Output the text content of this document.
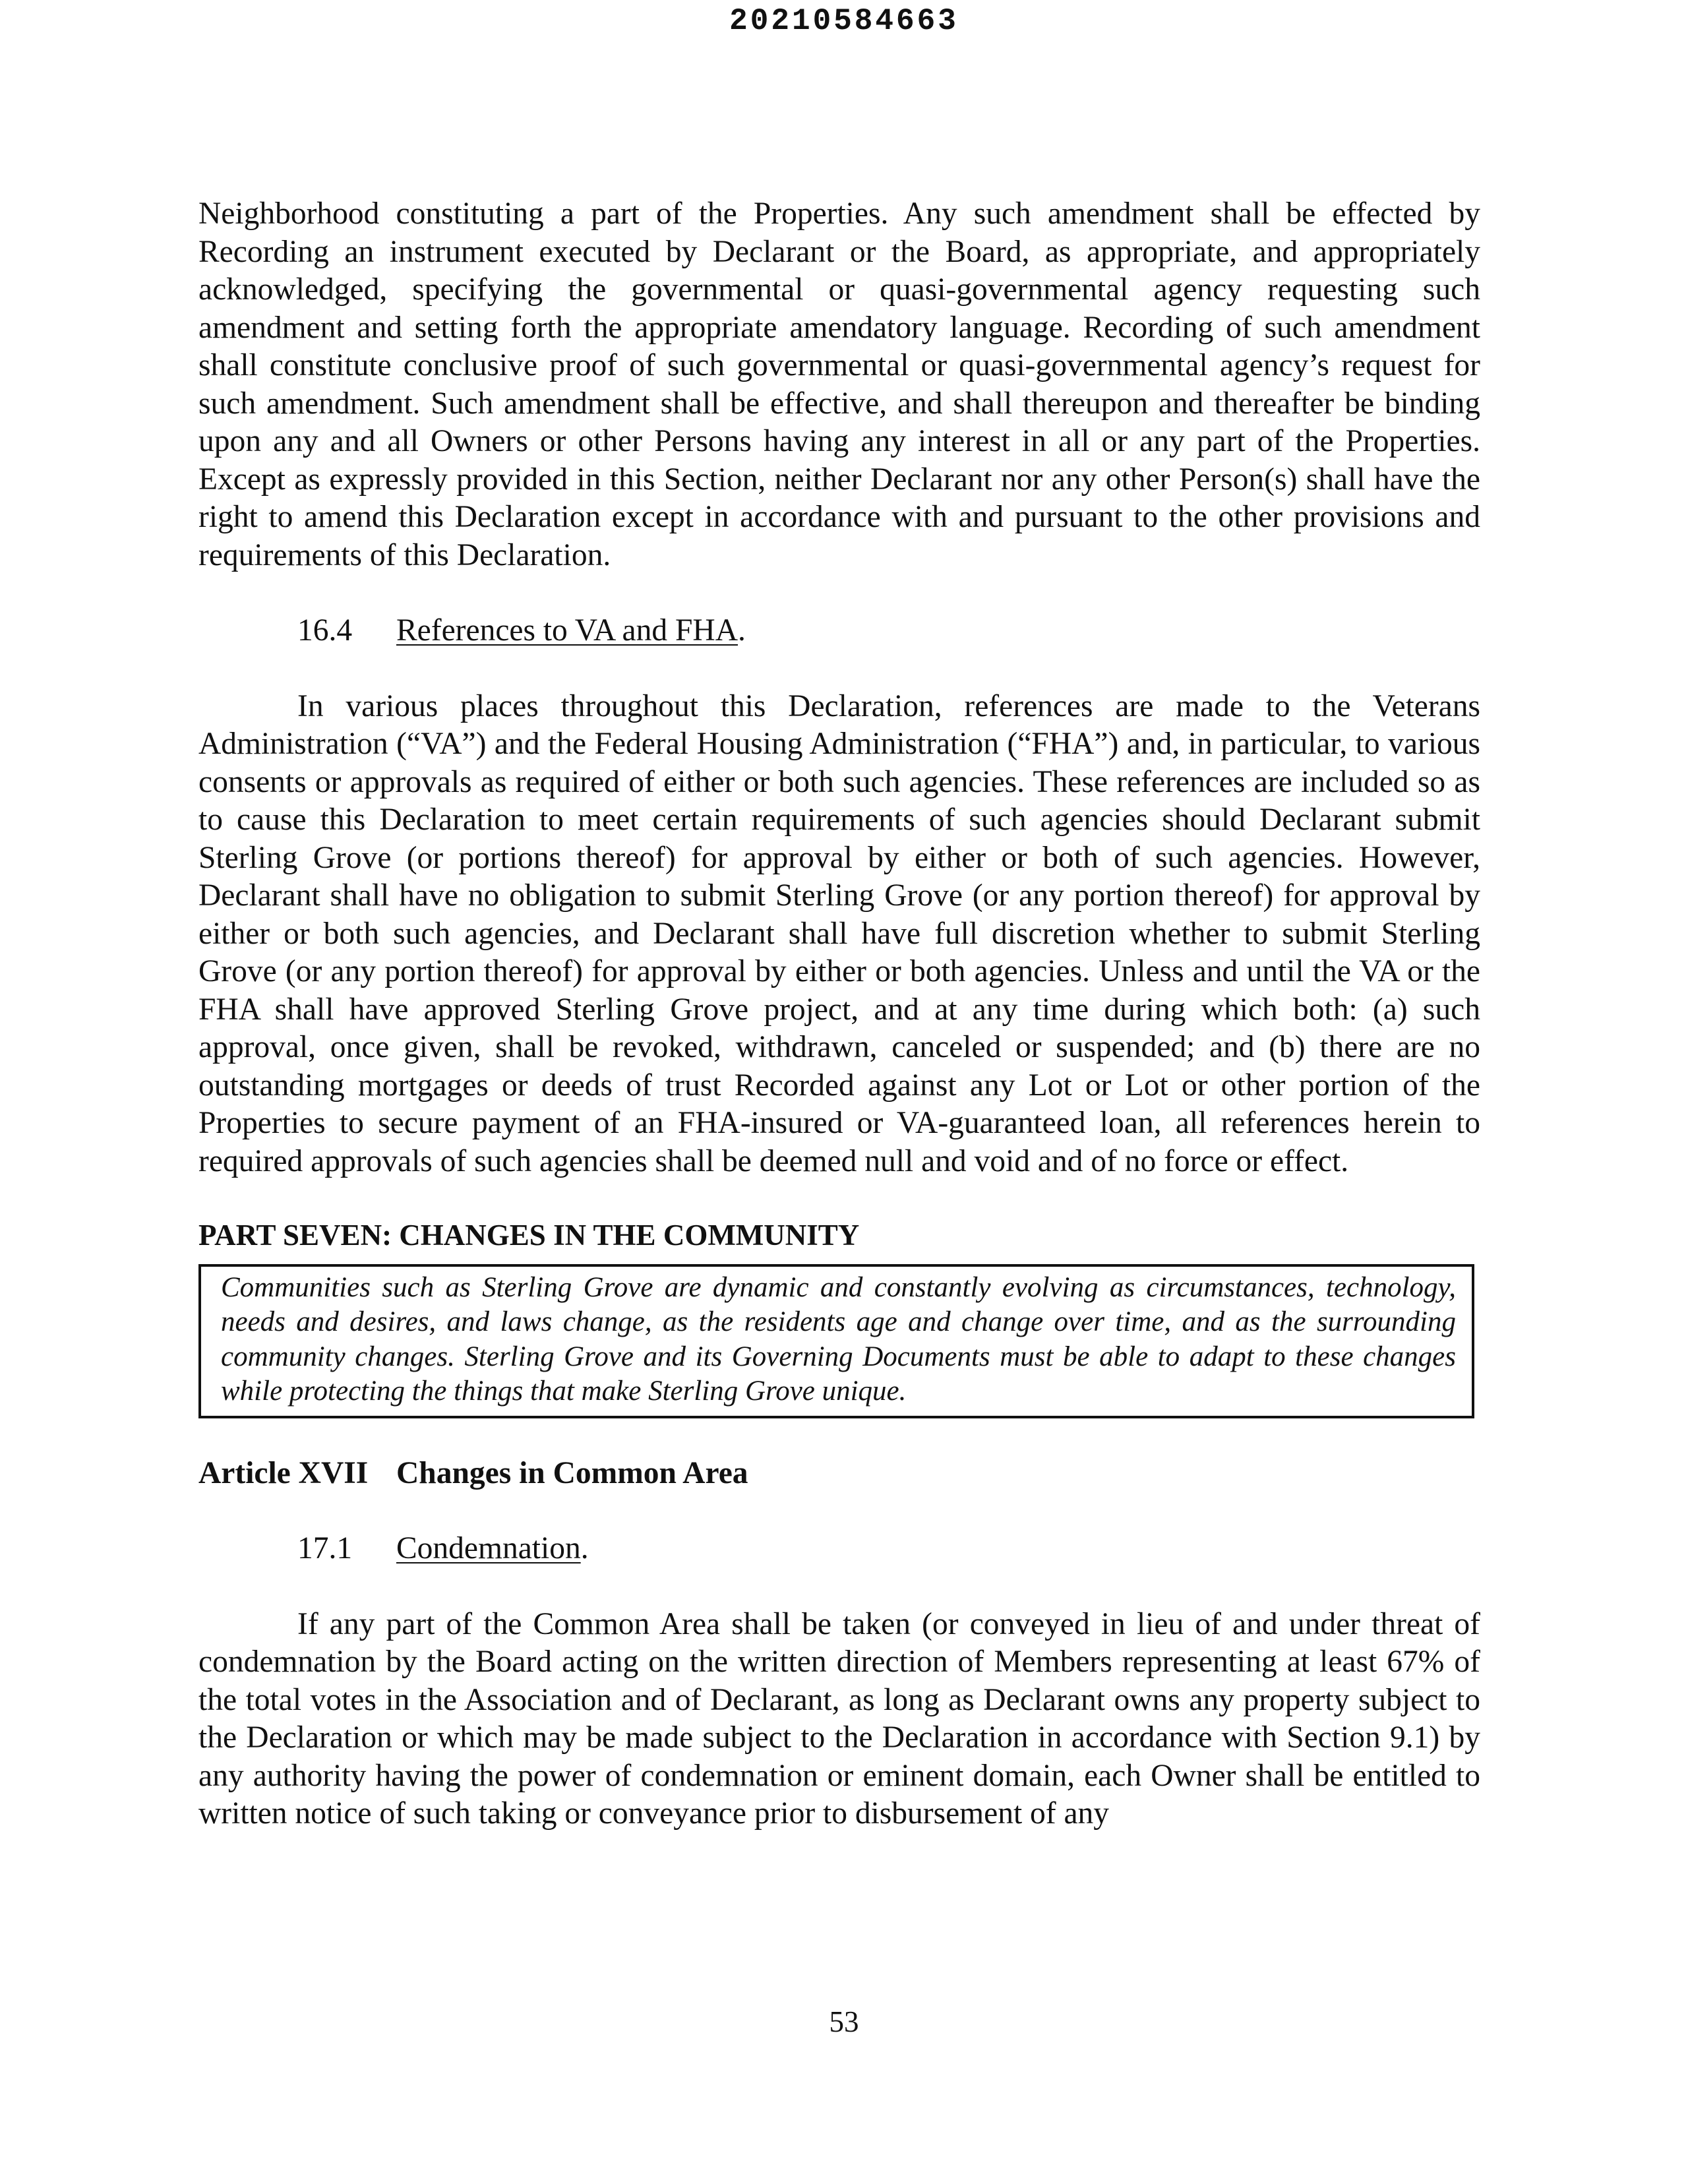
20210584663

Neighborhood constituting a part of the Properties. Any such amendment shall be effected by Recording an instrument executed by Declarant or the Board, as appropriate, and appropriately acknowledged, specifying the governmental or quasi-governmental agency requesting such amendment and setting forth the appropriate amendatory language. Recording of such amendment shall constitute conclusive proof of such governmental or quasi-governmental agency’s request for such amendment. Such amendment shall be effective, and shall thereupon and thereafter be binding upon any and all Owners or other Persons having any interest in all or any part of the Properties. Except as expressly provided in this Section, neither Declarant nor any other Person(s) shall have the right to amend this Declaration except in accordance with and pursuant to the other provisions and requirements of this Declaration.

16.4 References to VA and FHA.

In various places throughout this Declaration, references are made to the Veterans Administration (“VA”) and the Federal Housing Administration (“FHA”) and, in particular, to various consents or approvals as required of either or both such agencies. These references are included so as to cause this Declaration to meet certain requirements of such agencies should Declarant submit Sterling Grove (or portions thereof) for approval by either or both of such agencies. However, Declarant shall have no obligation to submit Sterling Grove (or any portion thereof) for approval by either or both such agencies, and Declarant shall have full discretion whether to submit Sterling Grove (or any portion thereof) for approval by either or both agencies. Unless and until the VA or the FHA shall have approved Sterling Grove project, and at any time during which both: (a) such approval, once given, shall be revoked, withdrawn, canceled or suspended; and (b) there are no outstanding mortgages or deeds of trust Recorded against any Lot or Lot or other portion of the Properties to secure payment of an FHA-insured or VA-guaranteed loan, all references herein to required approvals of such agencies shall be deemed null and void and of no force or effect.

PART SEVEN: CHANGES IN THE COMMUNITY

Communities such as Sterling Grove are dynamic and constantly evolving as circumstances, technology, needs and desires, and laws change, as the residents age and change over time, and as the surrounding community changes. Sterling Grove and its Governing Documents must be able to adapt to these changes while protecting the things that make Sterling Grove unique.

Article XVII Changes in Common Area

17.1 Condemnation.

If any part of the Common Area shall be taken (or conveyed in lieu of and under threat of condemnation by the Board acting on the written direction of Members representing at least 67% of the total votes in the Association and of Declarant, as long as Declarant owns any property subject to the Declaration or which may be made subject to the Declaration in accordance with Section 9.1) by any authority having the power of condemnation or eminent domain, each Owner shall be entitled to written notice of such taking or conveyance prior to disbursement of any

53
